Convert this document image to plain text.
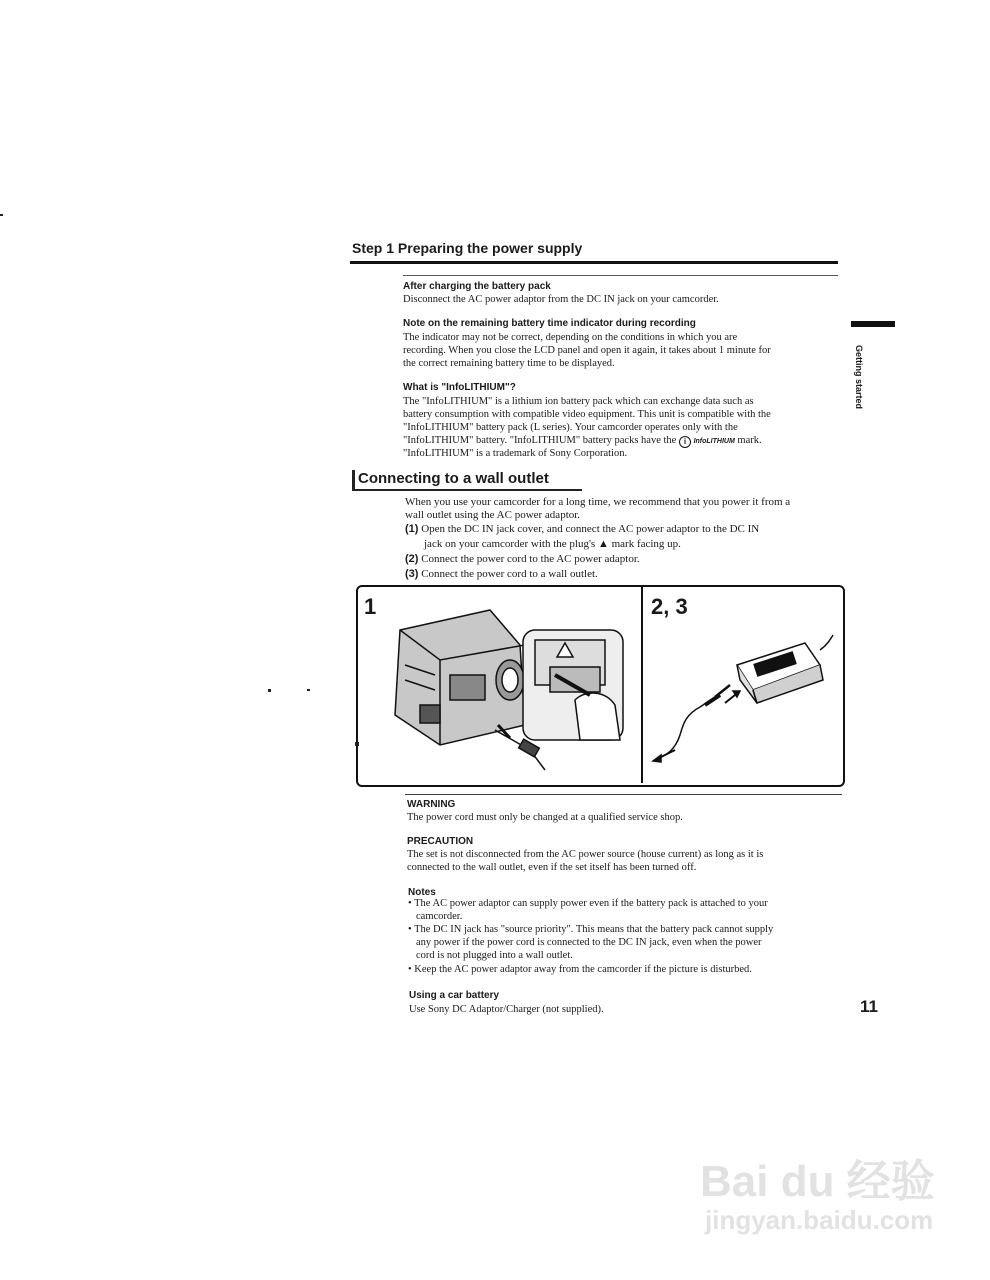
Step 1 Preparing the power supply
Getting started
After charging the battery pack
Disconnect the AC power adaptor from the DC IN jack on your camcorder.
Note on the remaining battery time indicator during recording
The indicator may not be correct, depending on the conditions in which you are
recording. When you close the LCD panel and open it again, it takes about 1 minute for
the correct remaining battery time to be displayed.
What is "InfoLITHIUM"?
The "InfoLITHIUM" is a lithium ion battery pack which can exchange data such as
battery consumption with compatible video equipment. This unit is compatible with the
"InfoLITHIUM" battery pack (L series). Your camcorder operates only with the
"InfoLITHIUM" battery. "InfoLITHIUM" battery packs have the i InfoLITHIUM mark.
"InfoLITHIUM" is a trademark of Sony Corporation.
Connecting to a wall outlet
When you use your camcorder for a long time, we recommend that you power it from a
wall outlet using the AC power adaptor.
(1) Open the DC IN jack cover, and connect the AC power adaptor to the DC IN
jack on your camcorder with the plug's ▲ mark facing up.
(2) Connect the power cord to the AC power adaptor.
(3) Connect the power cord to a wall outlet.
1	2, 3
WARNING
The power cord must only be changed at a qualified service shop.
PRECAUTION
The set is not disconnected from the AC power source (house current) as long as it is
connected to the wall outlet, even if the set itself has been turned off.
Notes
• The AC power adaptor can supply power even if the battery pack is attached to your
camcorder.
• The DC IN jack has "source priority". This means that the battery pack cannot supply
any power if the power cord is connected to the DC IN jack, even when the power
cord is not plugged into a wall outlet.
• Keep the AC power adaptor away from the camcorder if the picture is disturbed.
Using a car battery
Use Sony DC Adaptor/Charger (not supplied).	11
Bai du 经验
jingyan.baidu.com
